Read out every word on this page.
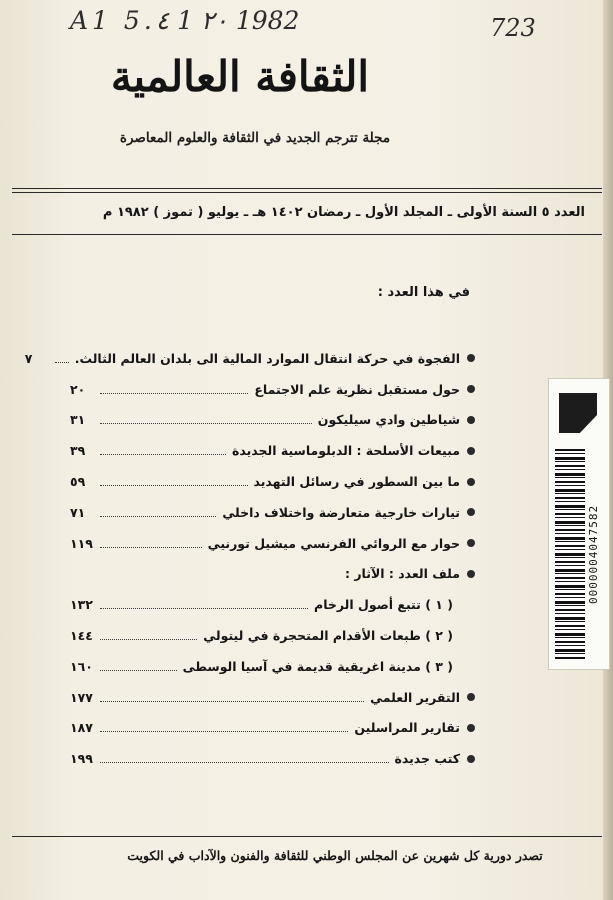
A1 5.٤ 1 ٢٠ 1982	723
الثقافة العالمية
مجلة تترجم الجديد في الثقافة والعلوم المعاصرة
العدد ٥ السنة الأولى ـ المجلد الأول ـ رمضان ١٤٠٢ هـ ـ يوليو ( تموز ) ١٩٨٢ م
في هذا العدد :
الفجوة في حركة انتقال الموارد المالية الى بلدان العالم الثالث.
٧
حول مستقبل نظرية علم الاجتماع
٢٠
شياطين وادي سيليكون
٣١
مبيعات الأسلحة : الدبلوماسية الجديدة
٣٩
ما بين السطور في رسائل التهديد
٥٩
تيارات خارجية متعارضة واختلاف داخلي
٧١
حوار مع الروائي الفرنسي ميشيل تورنيي
١١٩
ملف العدد : الآثار :
( ١ ) تتبع أصول الرخام
١٣٢
( ٢ ) طبعات الأقدام المتحجرة في ليتولي
١٤٤
( ٣ ) مدينة اغريقية قديمة في آسيا الوسطى
١٦٠
التقرير العلمي
١٧٧
تقارير المراسلين
١٨٧
كتب جديدة
١٩٩
0000004047582
تصدر دورية كل شهرين عن المجلس الوطني للثقافة والفنون والآداب في الكويت
